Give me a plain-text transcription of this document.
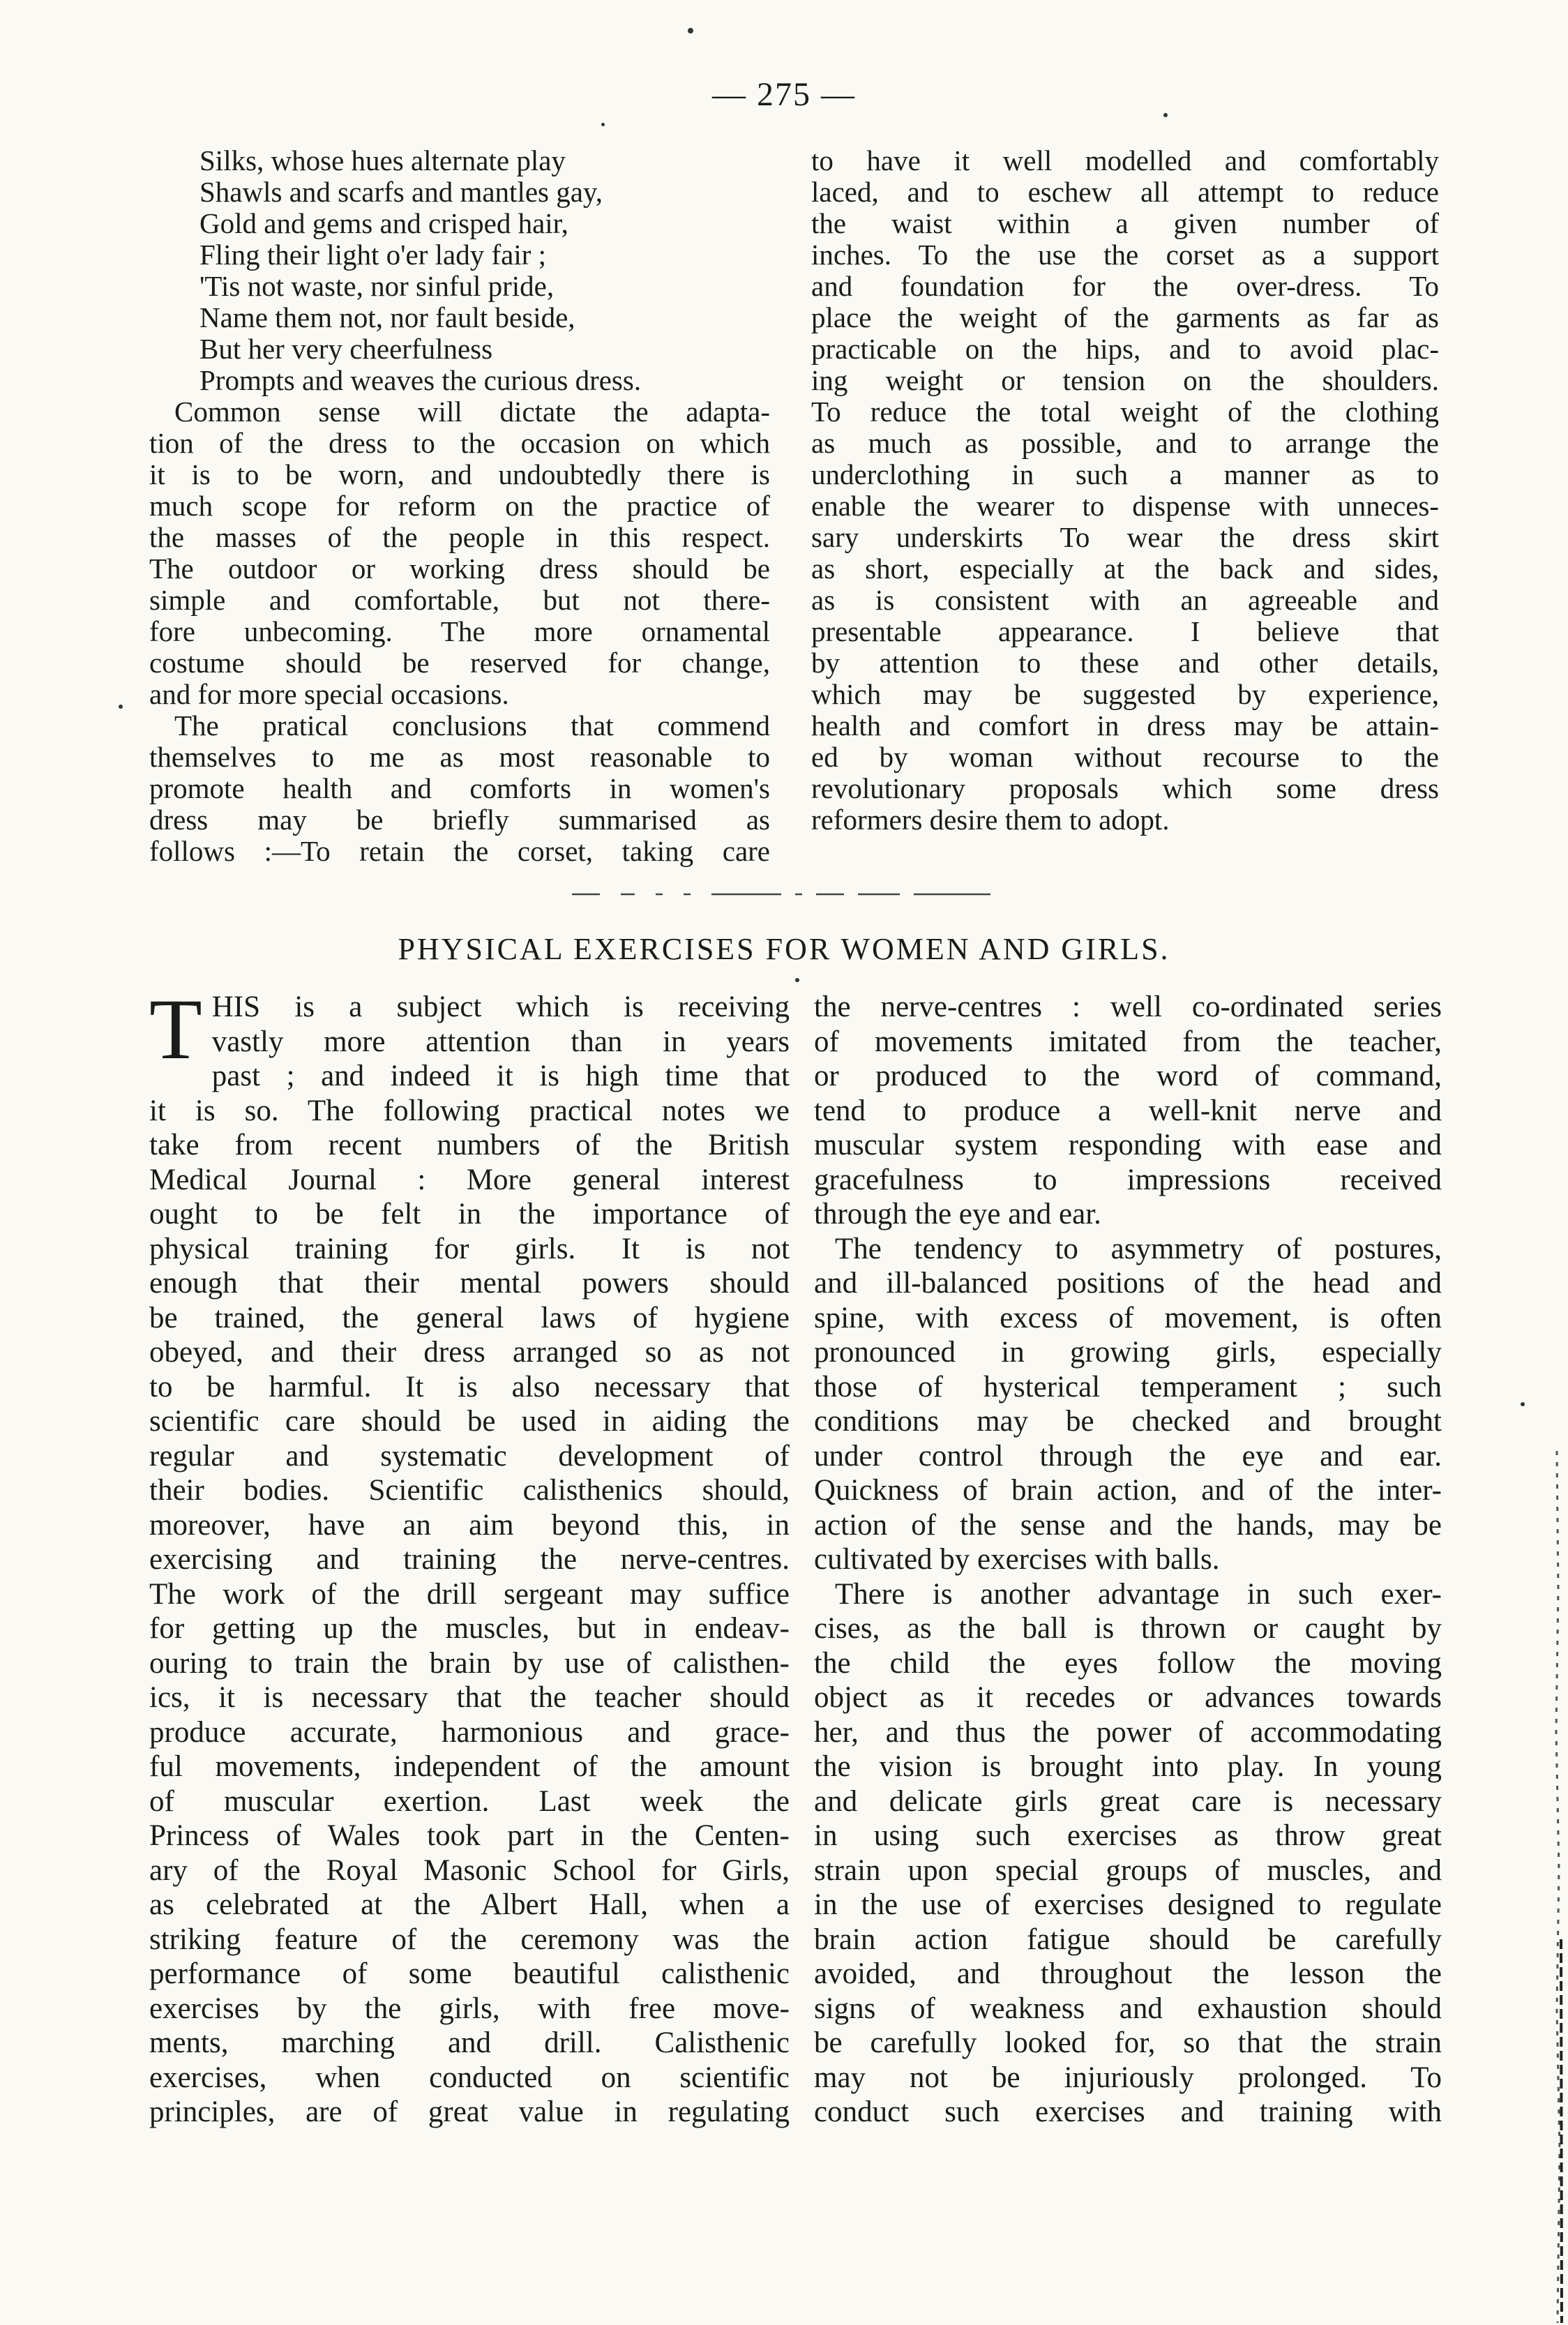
— 275 —
Silks, whose hues alternate play
Shawls and scarfs and mantles gay,
Gold and gems and crisped hair,
Fling their light o'er lady fair ;
'Tis not waste, nor sinful pride,
Name them not, nor fault beside,
But her very cheerfulness
Prompts and weaves the curious dress.
Common sense will dictate the adapta-
tion of the dress to the occasion on which
it is to be worn, and undoubtedly there is
much scope for reform on the practice of
the masses of the people in this respect.
The outdoor or working dress should be
simple and comfortable, but not there-
fore unbecoming. The more ornamental
costume should be reserved for change,
and for more special occasions.
The pratical conclusions that commend
themselves to me as most reasonable to
promote health and comforts in women's
dress may be briefly summarised as
follows :—To retain the corset, taking care
to have it well modelled and comfortably
laced, and to eschew all attempt to reduce
the waist within a given number of
inches. To the use the corset as a support
and foundation for the over-dress. To
place the weight of the garments as far as
practicable on the hips, and to avoid plac-
ing weight or tension on the shoulders.
To reduce the total weight of the clothing
as much as possible, and to arrange the
underclothing in such a manner as to
enable the wearer to dispense with unneces-
sary underskirts To wear the dress skirt
as short, especially at the back and sides,
as is consistent with an agreeable and
presentable appearance. I believe that
by attention to these and other details,
which may be suggested by experience,
health and comfort in dress may be attain-
ed by woman without recourse to the
revolutionary proposals which some dress
reformers desire them to adopt.
PHYSICAL EXERCISES FOR WOMEN AND GIRLS.
T HIS is a subject which is receiving
vastly more attention than in years
past ; and indeed it is high time that
it is so. The following practical notes we
take from recent numbers of the British
Medical Journal : More general interest
ought to be felt in the importance of
physical training for girls. It is not
enough that their mental powers should
be trained, the general laws of hygiene
obeyed, and their dress arranged so as not
to be harmful. It is also necessary that
scientific care should be used in aiding the
regular and systematic development of
their bodies. Scientific calisthenics should,
moreover, have an aim beyond this, in
exercising and training the nerve-centres.
The work of the drill sergeant may suffice
for getting up the muscles, but in endeav-
ouring to train the brain by use of calisthen-
ics, it is necessary that the teacher should
produce accurate, harmonious and grace-
ful movements, independent of the amount
of muscular exertion. Last week the
Princess of Wales took part in the Centen-
ary of the Royal Masonic School for Girls,
as celebrated at the Albert Hall, when a
striking feature of the ceremony was the
performance of some beautiful calisthenic
exercises by the girls, with free move-
ments, marching and drill. Calisthenic
exercises, when conducted on scientific
principles, are of great value in regulating
the nerve-centres : well co-ordinated series
of movements imitated from the teacher,
or produced to the word of command,
tend to produce a well-knit nerve and
muscular system responding with ease and
gracefulness to impressions received
through the eye and ear.
The tendency to asymmetry of postures,
and ill-balanced positions of the head and
spine, with excess of movement, is often
pronounced in growing girls, especially
those of hysterical temperament ; such
conditions may be checked and brought
under control through the eye and ear.
Quickness of brain action, and of the inter-
action of the sense and the hands, may be
cultivated by exercises with balls.
There is another advantage in such exer-
cises, as the ball is thrown or caught by
the child the eyes follow the moving
object as it recedes or advances towards
her, and thus the power of accommodating
the vision is brought into play. In young
and delicate girls great care is necessary
in using such exercises as throw great
strain upon special groups of muscles, and
in the use of exercises designed to regulate
brain action fatigue should be carefully
avoided, and throughout the lesson the
signs of weakness and exhaustion should
be carefully looked for, so that the strain
may not be injuriously prolonged. To
conduct such exercises and training with
